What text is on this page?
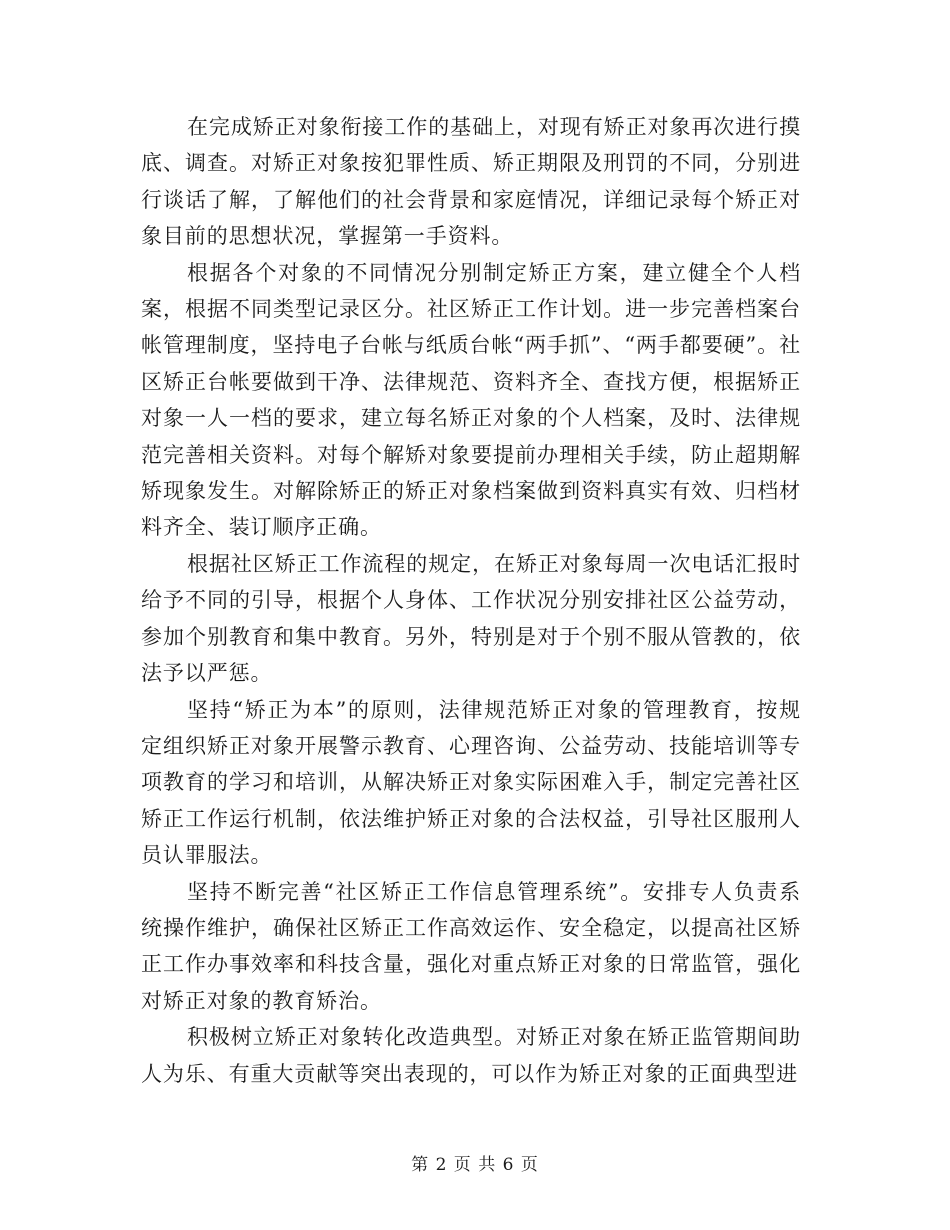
在完成矫正对象衔接工作的基础上，对现有矫正对象再次进行摸底、调查。对矫正对象按犯罪性质、矫正期限及刑罚的不同，分别进行谈话了解，了解他们的社会背景和家庭情况，详细记录每个矫正对象目前的思想状况，掌握第一手资料。

根据各个对象的不同情况分别制定矫正方案，建立健全个人档案，根据不同类型记录区分。社区矫正工作计划。进一步完善档案台帐管理制度，坚持电子台帐与纸质台帐“两手抓”、“两手都要硬”。社区矫正台帐要做到干净、法律规范、资料齐全、查找方便，根据矫正对象一人一档的要求，建立每名矫正对象的个人档案，及时、法律规范完善相关资料。对每个解矫对象要提前办理相关手续，防止超期解矫现象发生。对解除矫正的矫正对象档案做到资料真实有效、归档材料齐全、装订顺序正确。

根据社区矫正工作流程的规定，在矫正对象每周一次电话汇报时给予不同的引导，根据个人身体、工作状况分别安排社区公益劳动，参加个别教育和集中教育。另外，特别是对于个别不服从管教的，依法予以严惩。

坚持“矫正为本”的原则，法律规范矫正对象的管理教育，按规定组织矫正对象开展警示教育、心理咨询、公益劳动、技能培训等专项教育的学习和培训，从解决矫正对象实际困难入手，制定完善社区矫正工作运行机制，依法维护矫正对象的合法权益，引导社区服刑人员认罪服法。

坚持不断完善“社区矫正工作信息管理系统”。安排专人负责系统操作维护，确保社区矫正工作高效运作、安全稳定，以提高社区矫正工作办事效率和科技含量，强化对重点矫正对象的日常监管，强化对矫正对象的教育矫治。

积极树立矫正对象转化改造典型。对矫正对象在矫正监管期间助人为乐、有重大贡献等突出表现的，可以作为矫正对象的正面典型进

第 2 页 共 6 页
